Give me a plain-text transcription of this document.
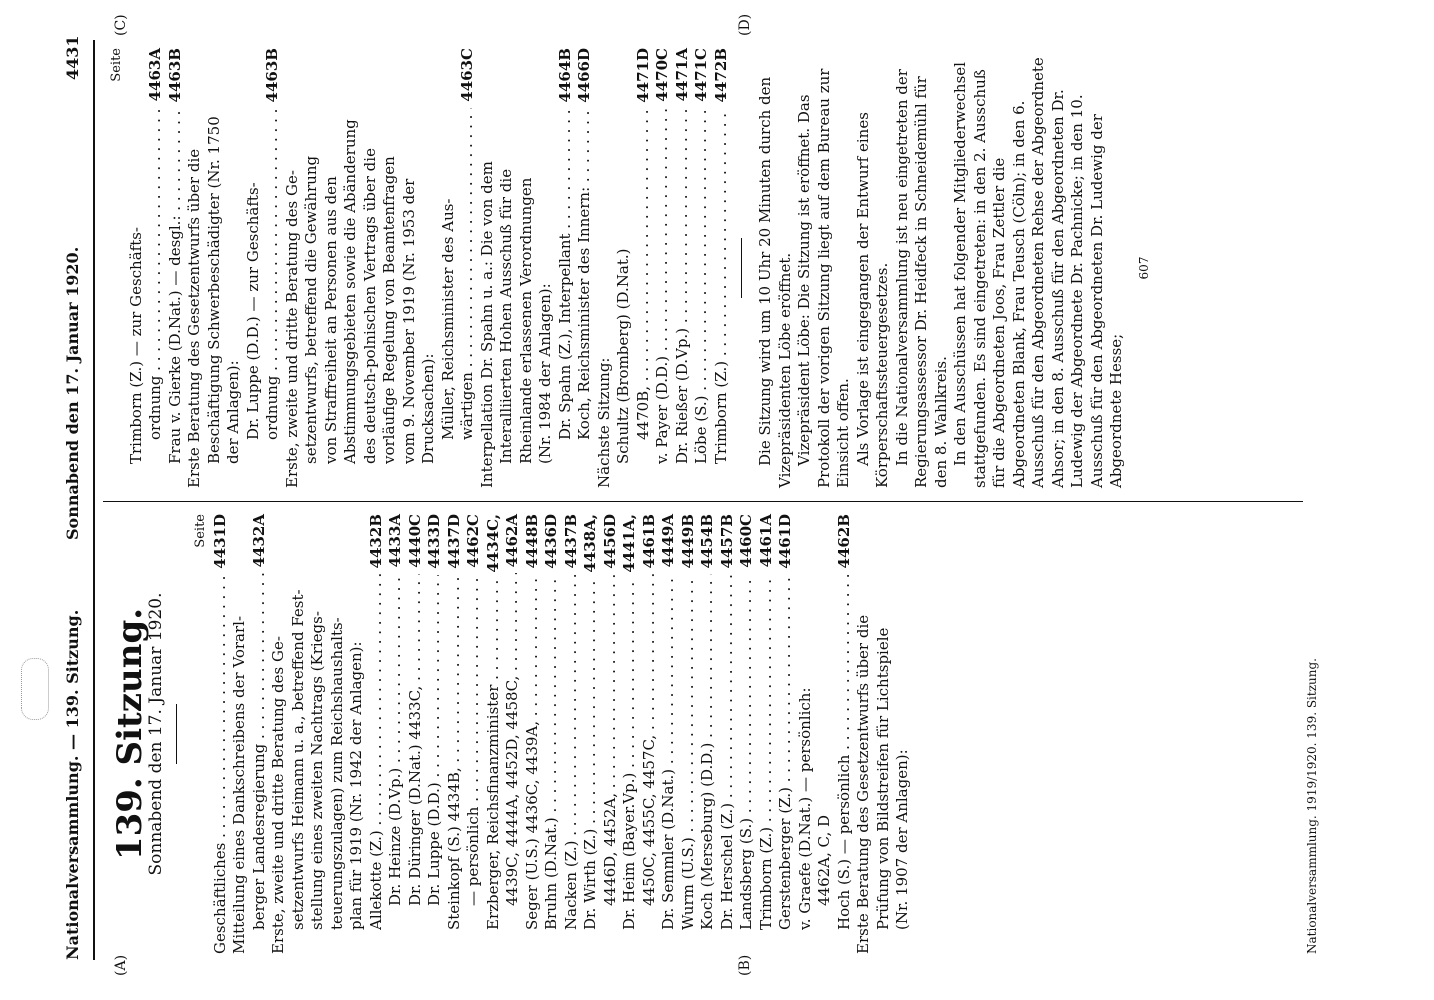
Nationalversammlung. — 139. Sitzung.
Sonnabend den 17. Januar 1920.
4431
(A)	(B)
(C)	(D)
139. Sitzung.
Sonnabend den 17. Januar 1920.
Seite
Geschäftliches . . .
4431D
Mitteilung eines Dankschreibens der Vorarl- berger Landesregierung . . .
4432A
Erste, zweite und dritte Beratung des Ge- setzentwurfs Heimann u. a., betreffend Fest- stellung eines zweiten Nachtrags (Kriegs- teuerungszulagen) zum Reichshaushalts- plan für 1919 (Nr. 1942 der Anlagen): Allekotte (Z.) . . .
4432B
Dr. Heinze (D.Vp.) . . .
4433A
Dr. Düringer (D.Nat.) 4433C, . . .
4440C
Dr. Luppe (D.D.) . . .
4433D
Steinkopf (S.) 4434B, . . .
4437D
— persönlich . . .
4462C
Erzberger, Reichsfinanzminister . . .
4434C,
4439C, 4444A, 4452D, 4458C, . . .
4462A
Seger (U.S.) 4436C, 4439A, . . .
4448B
Bruhn (D.Nat.) . . .
4436D
Nacken (Z.) . . .
4437B
Dr. Wirth (Z.) . . .
4438A,
4446D, 4452A, . . .
4456D
Dr. Heim (Bayer.Vp.) . . .
4441A,
4450C, 4455C, 4457C, . . .
4461B
Dr. Semmler (D.Nat.) . . .
4449A
Wurm (U.S.) . . .
4449B
Koch (Merseburg) (D.D.) . . .
4454B
Dr. Herschel (Z.) . . .
4457B
Landsberg (S.) . . .
4460C
Trimborn (Z.) . . .
4461A
Gerstenberger (Z.) . . .
4461D
v. Graefe (D.Nat.) — persönlich: 4462A, C, D Hoch (S.) — persönlich . . .
4462B
Erste Beratung des Gesetzentwurfs über die Prüfung von Bildstreifen für Lichtspiele (Nr. 1907 der Anlagen):
Seite
Trimborn (Z.) — zur Geschäfts- ordnung . . .
4463A
Frau v. Gierke (D.Nat.) — desgl.: . . .
4463B
Erste Beratung des Gesetzentwurfs über die Beschäftigung Schwerbeschädigter (Nr. 1750 der Anlagen): Dr. Luppe (D.D.) — zur Geschäfts- ordnung . . .
4463B
Erste, zweite und dritte Beratung des Ge- setzentwurfs, betreffend die Gewährung von Straffreiheit an Personen aus den Abstimmungsgebieten sowie die Abänderung des deutsch-polnischen Vertrags über die vorläufige Regelung von Beamtenfragen vom 9. November 1919 (Nr. 1953 der Drucksachen): Müller, Reichsminister des Aus- wärtigen . . .
4463C
Interpellation Dr. Spahn u. a.: Die von dem Interalliierten Hohen Ausschuß für die Rheinlande erlassenen Verordnungen (Nr. 1984 der Anlagen): Dr. Spahn (Z.), Interpellant . . .
4464B
Koch, Reichsminister des Innern: . . .
4466D
Nächste Sitzung: Schultz (Bromberg) (D.Nat.) 4470B, . . .
4471D
v. Payer (D.D.) . . .
4470C
Dr. Rießer (D.Vp.) . . .
4471A
Löbe (S.) . . .
4471C
Trimborn (Z.) . . .
4472B
Die Sitzung wird um 10 Uhr 20 Minuten durch den Vizepräsidenten Löbe eröffnet. Vizepräsident Löbe: Die Sitzung ist eröffnet. Das Protokoll der vorigen Sitzung liegt auf dem Bureau zur Einsicht offen. Als Vorlage ist eingegangen der Entwurf eines Körperschaftssteuergesetzes. In die Nationalversammlung ist neu eingetreten der Regierungsassessor Dr. Heidfeck in Schneidemühl für den 8. Wahlkreis. In den Ausschüssen hat folgender Mitgliederwechsel stattgefunden. Es sind eingetreten: in den 2. Ausschuß für die Abgeordneten Joos, Frau Zettler die Abgeordneten Blank, Frau Teusch (Cöln); in den 6. Ausschuß für den Abgeordneten Rehse der Abgeordnete Ahsor; in den 8. Ausschuß für den Abgeordneten Dr. Ludewig der Abgeordnete Dr. Pachnicke; in den 10. Ausschuß für den Abgeordneten Dr. Ludewig der Abgeordnete Hesse;
607
Nationalversammlung. 1919/1920. 139. Sitzung.
